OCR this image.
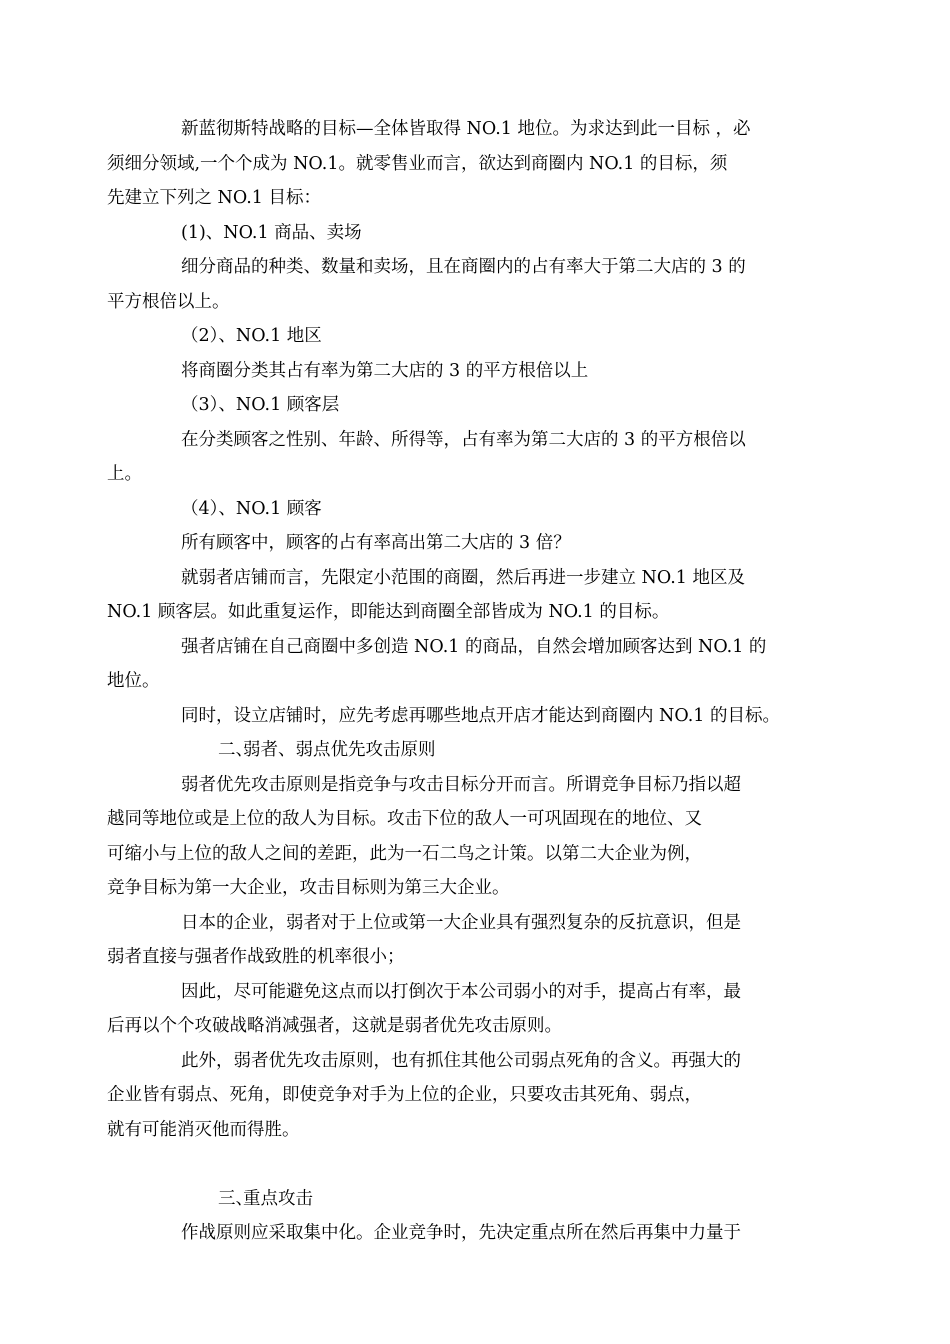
新蓝彻斯特战略的目标—全体皆取得 NO.1 地位。为求达到此一目标 ，必
须细分领域,一个个成为 NO.1。就零售业而言，欲达到商圈内 NO.1 的目标，须
先建立下列之 NO.1 目标：
(1)、NO.1 商品、卖场
细分商品的种类、数量和卖场，且在商圈内的占有率大于第二大店的 3 的
平方根倍以上。
（2）、NO.1 地区
将商圈分类其占有率为第二大店的 3 的平方根倍以上
（3）、NO.1 顾客层
在分类顾客之性别、年龄、所得等，占有率为第二大店的 3 的平方根倍以
上。
（4）、NO.1 顾客
所有顾客中，顾客的占有率高出第二大店的 3 倍？
就弱者店铺而言，先限定小范围的商圈，然后再进一步建立 NO.1 地区及
NO.1 顾客层。如此重复运作，即能达到商圈全部皆成为 NO.1 的目标。
强者店铺在自己商圈中多创造 NO.1 的商品，自然会增加顾客达到 NO.1 的
地位。
同时，设立店铺时，应先考虑再哪些地点开店才能达到商圈内 NO.1 的目标。
二、弱者、弱点优先攻击原则
弱者优先攻击原则是指竞争与攻击目标分开而言。所谓竞争目标乃指以超
越同等地位或是上位的敌人为目标。攻击下位的敌人一可巩固现在的地位、又
可缩小与上位的敌人之间的差距，此为一石二鸟之计策。以第二大企业为例，
竞争目标为第一大企业，攻击目标则为第三大企业。
日本的企业，弱者对于上位或第一大企业具有强烈复杂的反抗意识，但是
弱者直接与强者作战致胜的机率很小；
因此，尽可能避免这点而以打倒次于本公司弱小的对手，提高占有率，最
后再以个个攻破战略消减强者，这就是弱者优先攻击原则。
此外，弱者优先攻击原则，也有抓住其他公司弱点死角的含义。再强大的
企业皆有弱点、死角，即使竞争对手为上位的企业，只要攻击其死角、弱点，
就有可能消灭他而得胜。
三、重点攻击
作战原则应采取集中化。企业竞争时，先决定重点所在然后再集中力量于
